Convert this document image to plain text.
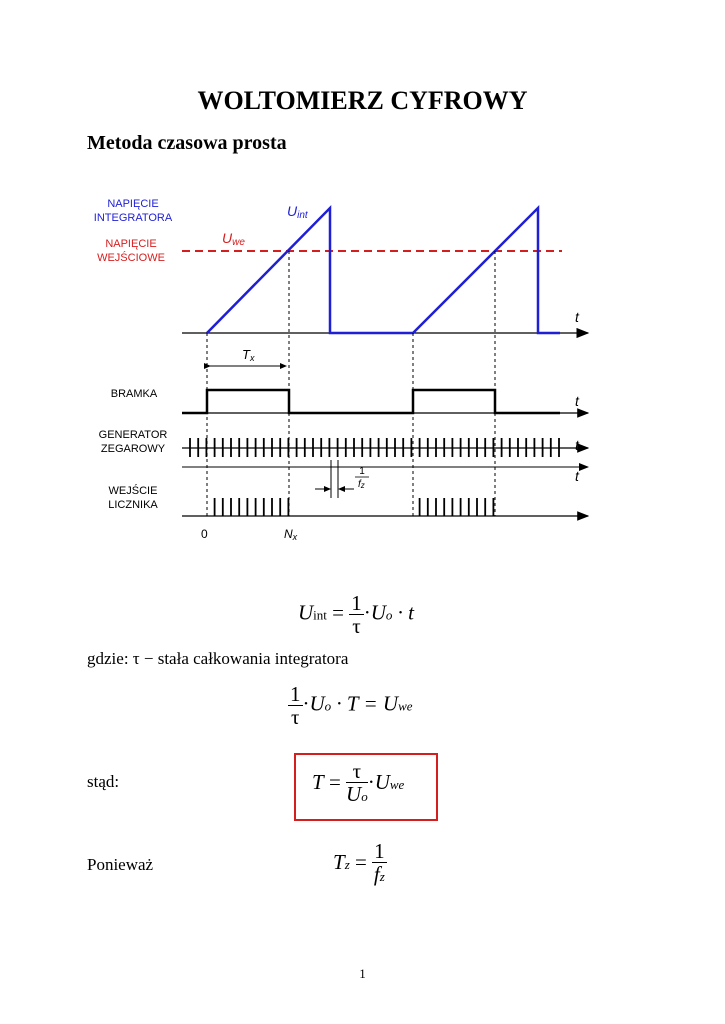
WOLTOMIERZ CYFROWY
Metoda czasowa prosta
NAPIĘCIE
INTEGRATORA
NAPIĘCIE
WEJŚCIOWE
Uint
Uwe
t
Tx
BRAMKA	t
GENERATOR
ZEGAROWY	t
t
1
fz
WEJŚCIE
LICZNIKA
0	Nx
Uint = $\frac{1}{\tau} \cdot Uo \cdot t$
gdzie: τ − stała całkowania integratora
$\frac{1}{\tau} \cdot Uo \cdot T$ = Uwe
stąd:	$T = \frac{\tau}{Uo} \cdot Uwe$
Ponieważ	$Tz = \frac{1}{fz}$
1
